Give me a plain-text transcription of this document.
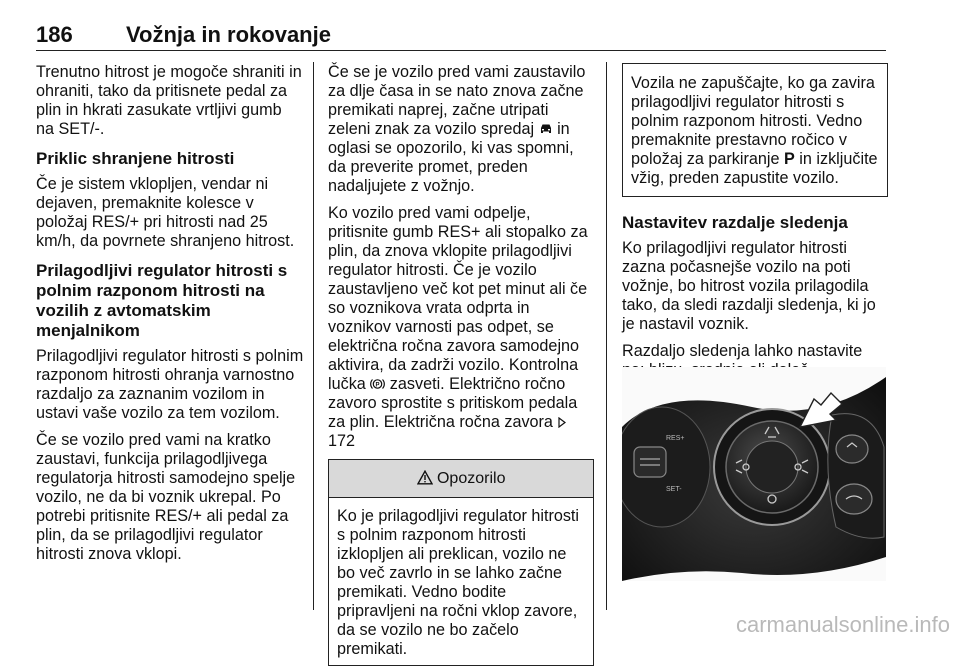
186 Vožnja in rokovanje

Trenutno hitrost je mogoče shraniti in ohraniti, tako da pritisnete pedal za plin in hkrati zasukate vrtljivi gumb na SET/-.

Priklic shranjene hitrosti

Če je sistem vklopljen, vendar ni dejaven, premaknite kolesce v položaj RES/+ pri hitrosti nad 25 km/h, da povrnete shranjeno hitrost.

Prilagodljivi regulator hitrosti s polnim razponom hitrosti na vozilih z avtomatskim menjalnikom

Prilagodljivi regulator hitrosti s polnim razponom hitrosti ohranja varnostno razdaljo za zaznanim vozilom in ustavi vaše vozilo za tem vozilom.

Če se vozilo pred vami na kratko zaustavi, funkcija prilagodljivega regulatorja hitrosti samodejno spelje vozilo, ne da bi voznik ukrepal. Po potrebi pritisnite RES/+ ali pedal za plin, da se prilagodljivi regulator hitrosti znova vklopi.

Če se je vozilo pred vami zaustavilo za dlje časa in se nato znova začne premikati naprej, začne utripati zeleni znak za vozilo spredaj in oglasi se opozorilo, ki vas spomni, da preverite promet, preden nadaljujete z vožnjo.

Ko vozilo pred vami odpelje, pritisnite gumb RES+ ali stopalko za plin, da znova vklopite prilagodljivi regulator hitrosti. Če je vozilo zaustavljeno več kot pet minut ali če so voznikova vrata odprta in voznikov varnosti pas odpet, se električna ročna zavora samodejno aktivira, da zadrži vozilo. Kontrolna lučka P zasveti. Električno ročno zavoro sprostite s pritiskom pedala za plin. Električna ročna zavora  172

Opozorilo
Ko je prilagodljivi regulator hitrosti s polnim razponom hitrosti izklopljen ali preklican, vozilo ne bo več zavrlo in se lahko začne premikati. Vedno bodite pripravljeni na ročni vklop zavore, da se vozilo ne bo začelo premikati.
Vozila ne zapuščajte, ko ga zavira prilagodljivi regulator hitrosti s polnim razponom hitrosti. Vedno premaknite prestavno ročico v položaj za parkiranje P in izključite vžig, preden zapustite vozilo.
Nastavitev razdalje sledenja

Ko prilagodljivi regulator hitrosti zazna počasnejše vozilo na poti vožnje, bo hitrost vozila prilagodila tako, da sledi razdalji sledenja, ki jo je nastavil voznik.

Razdaljo sledenja lahko nastavite

RES+
SET-
carmanualsonline.info
